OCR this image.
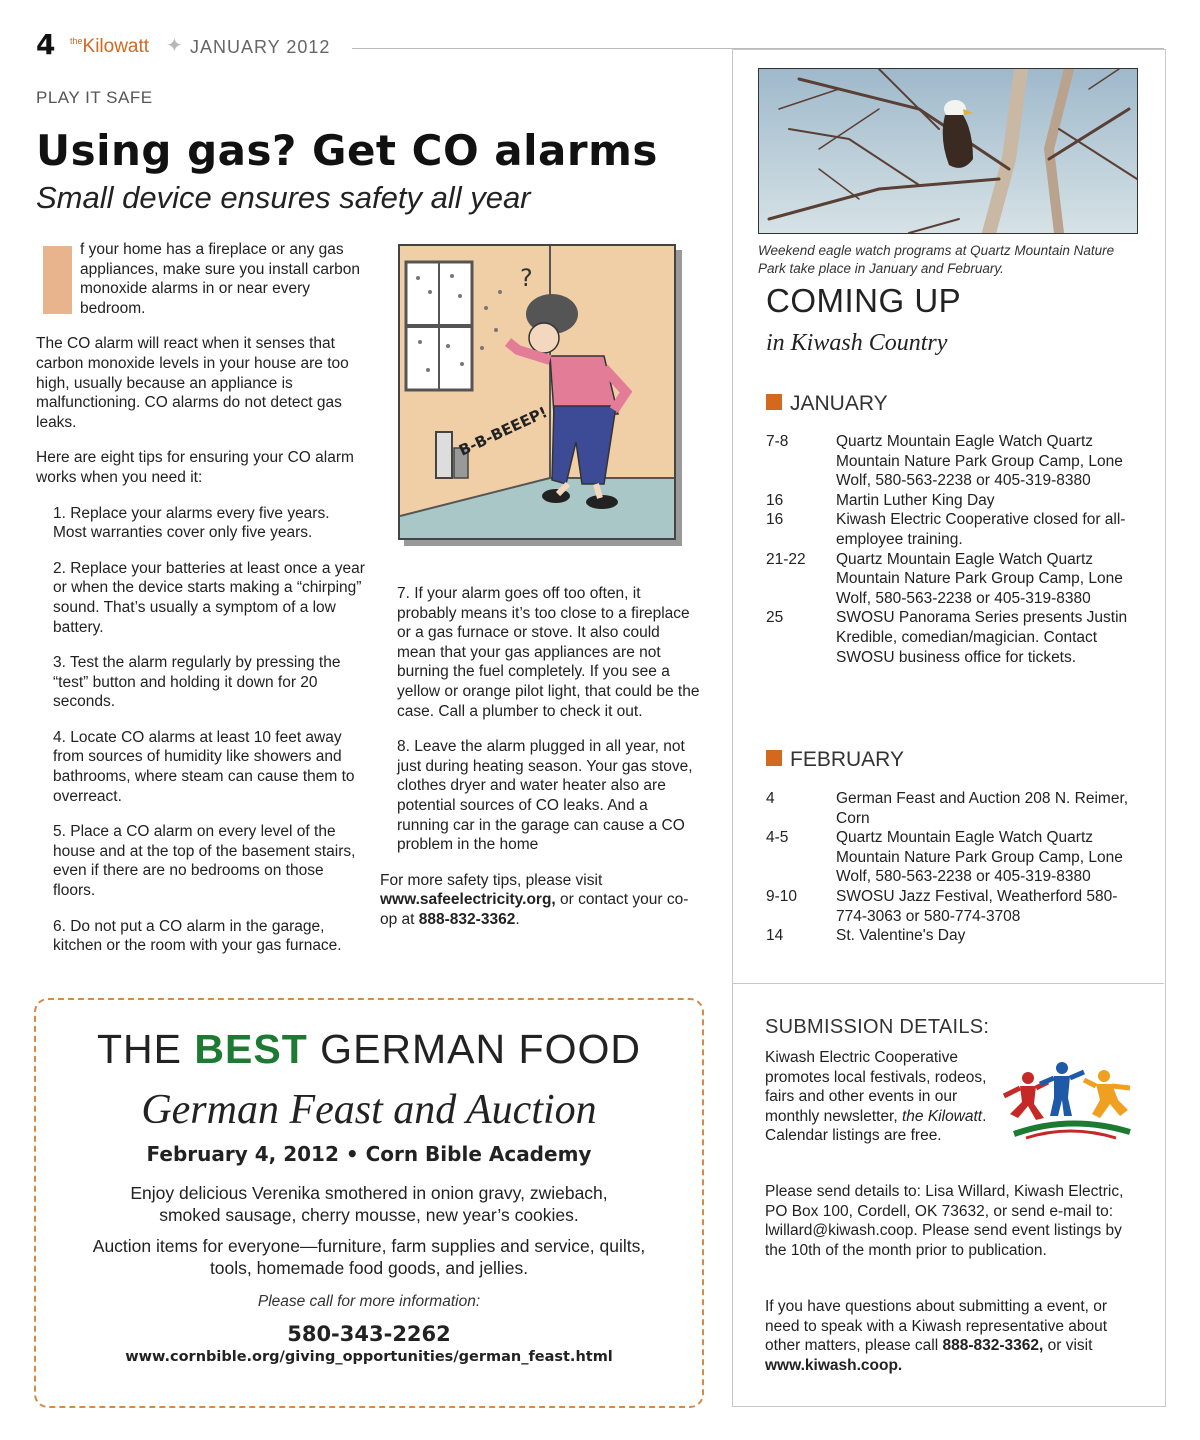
4 $^{the}$Kilowatt ✦ JANUARY 2012
PLAY IT SAFE
Using gas? Get CO alarms
Small device ensures safety all year

f your home has a fireplace or any gas appliances, make sure you install carbon monoxide alarms in or near every bedroom.

The CO alarm will react when it senses that carbon monoxide levels in your house are too high, usually because an appliance is malfunctioning. CO alarms do not detect gas leaks.

Here are eight tips for ensuring your CO alarm works when you need it:

1. Replace your alarms every five years. Most warranties cover only five years.

2. Replace your batteries at least once a year or when the device starts making a “chirping” sound. That’s usually a symptom of a low battery.

3. Test the alarm regularly by pressing the “test” button and holding it down for 20 seconds.

4. Locate CO alarms at least 10 feet away from sources of humidity like showers and bathrooms, where steam can cause them to overreact.

5. Place a CO alarm on every level of the house and at the top of the basement stairs, even if there are no bedrooms on those floors.

6. Do not put a CO alarm in the garage, kitchen or the room with your gas furnace.

B-B-BEEEP!
?

7. If your alarm goes off too often, it probably means it’s too close to a fireplace or a gas furnace or stove. It also could mean that your gas appliances are not burning the fuel completely. If you see a yellow or orange pilot light, that could be the case. Call a plumber to check it out.

8. Leave the alarm plugged in all year, not just during heating season. Your gas stove, clothes dryer and water heater also are potential sources of CO leaks. And a running car in the garage can cause a CO problem in the home

For more safety tips, please visit www.safeelectricity.org, or contact your co-op at 888-832-3362.

Weekend eagle watch programs at Quartz Mountain Nature Park take place in January and February.
COMING UP
in Kiwash Country
JANUARY
7-8	Quartz Mountain Eagle Watch Quartz Mountain Nature Park Group Camp, Lone Wolf, 580-563-2238 or 405-319-8380
16	Martin Luther King Day
16	Kiwash Electric Cooperative closed for all-employee training.
21-22	Quartz Mountain Eagle Watch Quartz Mountain Nature Park Group Camp, Lone Wolf, 580-563-2238 or 405-319-8380
25	SWOSU Panorama Series presents Justin Kredible, comedian/magician. Contact SWOSU business office for tickets.
FEBRUARY
4	German Feast and Auction 208 N. Reimer, Corn
4-5	Quartz Mountain Eagle Watch Quartz Mountain Nature Park Group Camp, Lone Wolf, 580-563-2238 or 405-319-8380
9-10	SWOSU Jazz Festival, Weatherford 580-774-3063 or 580-774-3708
14	St. Valentine's Day
SUBMISSION DETAILS:
Kiwash Electric Cooperative promotes local festivals, rodeos, fairs and other events in our monthly newsletter, the Kilowatt. Calendar listings are free.
Please send details to: Lisa Willard, Kiwash Electric, PO Box 100, Cordell, OK 73632, or send e-mail to: lwillard@kiwash.coop. Please send event listings by the 10th of the month prior to publication.
If you have questions about submitting a event, or need to speak with a Kiwash representative about other matters, please call 888-832-3362, or visit www.kiwash.coop.
THE BEST GERMAN FOOD
German Feast and Auction
February 4, 2012 • Corn Bible Academy
Enjoy delicious Verenika smothered in onion gravy, zwiebach, smoked sausage, cherry mousse, new year’s cookies.
Auction items for everyone—furniture, farm supplies and service, quilts, tools, homemade food goods, and jellies.
Please call for more information:
580-343-2262
www.cornbible.org/giving_opportunities/german_feast.html
